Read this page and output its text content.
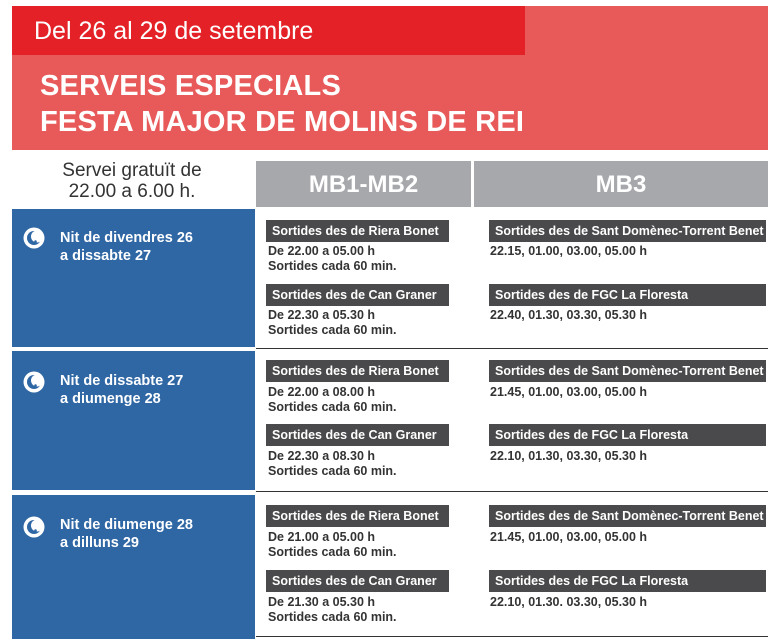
Del 26 al 29 de setembre
SERVEIS ESPECIALS
FESTA MAJOR DE MOLINS DE REI
Servei gratuït de
22.00 a 6.00 h.	MB1-MB2	MB3
Nit de divendres 26
a dissabte 27
Sortides des de Riera Bonet
De 22.00 a 05.00 h
Sortides cada 60 min.
Sortides des de Can Graner
De 22.30 a 05.30 h
Sortides cada 60 min.
Sortides des de Sant Domènec-Torrent Benet
22.15, 01.00, 03.00, 05.00 h
Sortides des de FGC La Floresta
22.40, 01.30, 03.30, 05.30 h
Nit de dissabte 27
a diumenge 28
Sortides des de Riera Bonet
De 22.00 a 08.00 h
Sortides cada 60 min.
Sortides des de Can Graner
De 22.30 a 08.30 h
Sortides cada 60 min.
Sortides des de Sant Domènec-Torrent Benet
21.45, 01.00, 03.00, 05.00 h
Sortides des de FGC La Floresta
22.10, 01.30, 03.30, 05.30 h
Nit de diumenge 28
a dilluns 29
Sortides des de Riera Bonet
De 21.00 a 05.00 h
Sortides cada 60 min.
Sortides des de Can Graner
De 21.30 a 05.30 h
Sortides cada 60 min.
Sortides des de Sant Domènec-Torrent Benet
21.45, 01.00, 03.00, 05.00 h
Sortides des de FGC La Floresta
22.10, 01.30. 03.30, 05.30 h
